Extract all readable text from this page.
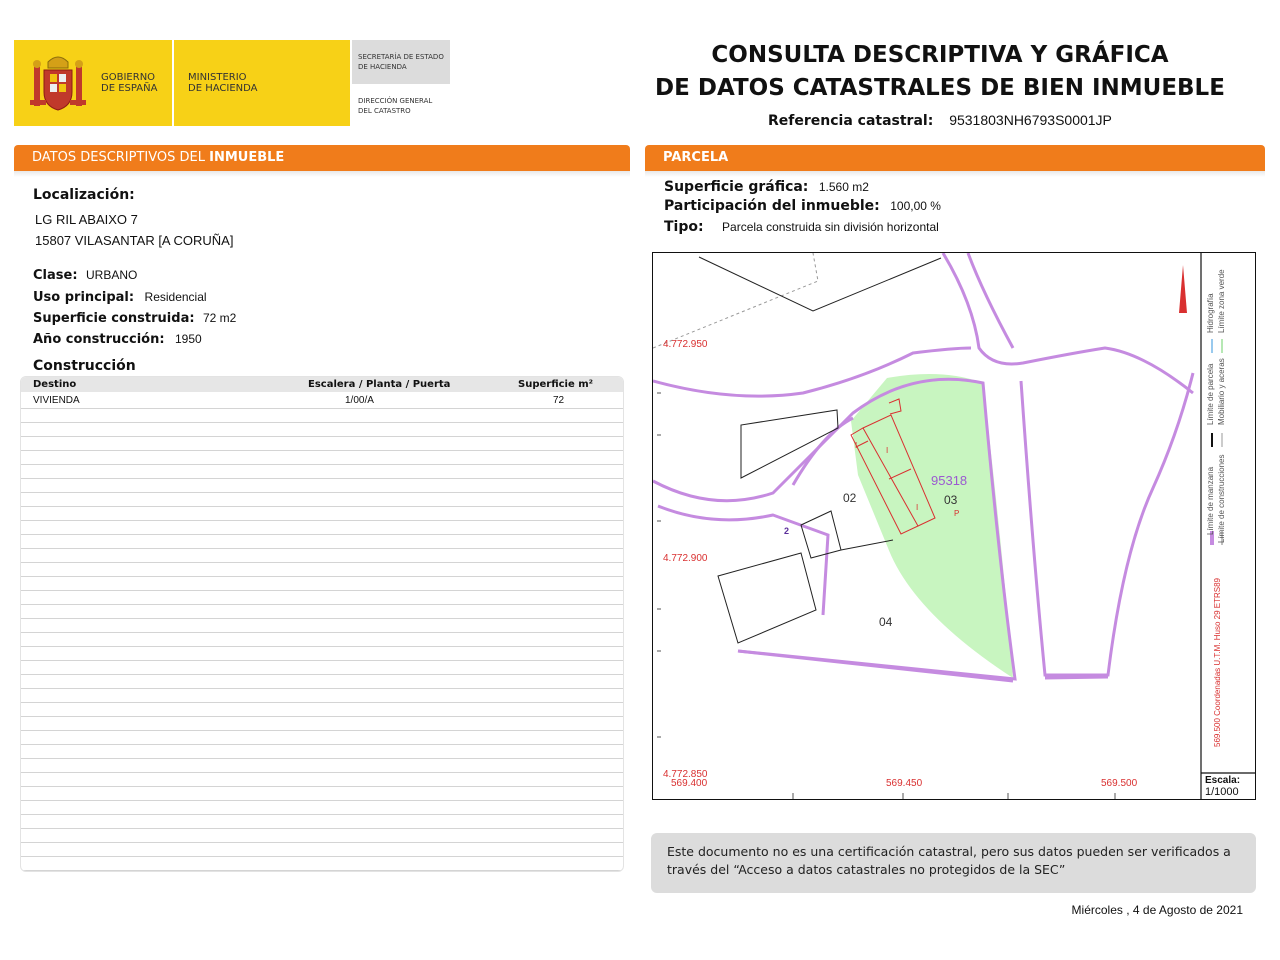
GOBIERNO
DE ESPAÑA
MINISTERIO
DE HACIENDA
SECRETARÍA DE ESTADO
DE HACIENDA
DIRECCIÓN GENERAL
DEL CATASTRO
CONSULTA DESCRIPTIVA Y GRÁFICA
DE DATOS CATASTRALES DE BIEN INMUEBLE
Referencia catastral: 9531803NH6793S0001JP
DATOS DESCRIPTIVOS DEL INMUEBLE
Localización:
LG RIL ABAIXO 7
15807 VILASANTAR [A CORUÑA]
Clase: URBANO
Uso principal: Residencial
Superficie construida: 72 m2
Año construcción: 1950
Construcción
Destino	Escalera / Planta / Puerta	Superficie m²
VIVIENDA	1/00/A	72
PARCELA
Superficie gráfica: 1.560 m2
Participación del inmueble: 100,00 %
Tipo: Parcela construida sin división horizontal
4.772.950
4.772.900
4.772.850
569.400	569.450	569.500
95318
02	03
04
P
I
I
I
2	Límite de manzana Límite de construcciones
Límite de parcela Mobiliario y aceras
Hidrografía Límite zona verde
569.500 Coordenadas U.T.M. Huso 29 ETRS89
Escala:
1/1000
Este documento no es una certificación catastral, pero sus datos pueden ser verificados a
través del “Acceso a datos catastrales no protegidos de la SEC”
Miércoles , 4 de Agosto de 2021
